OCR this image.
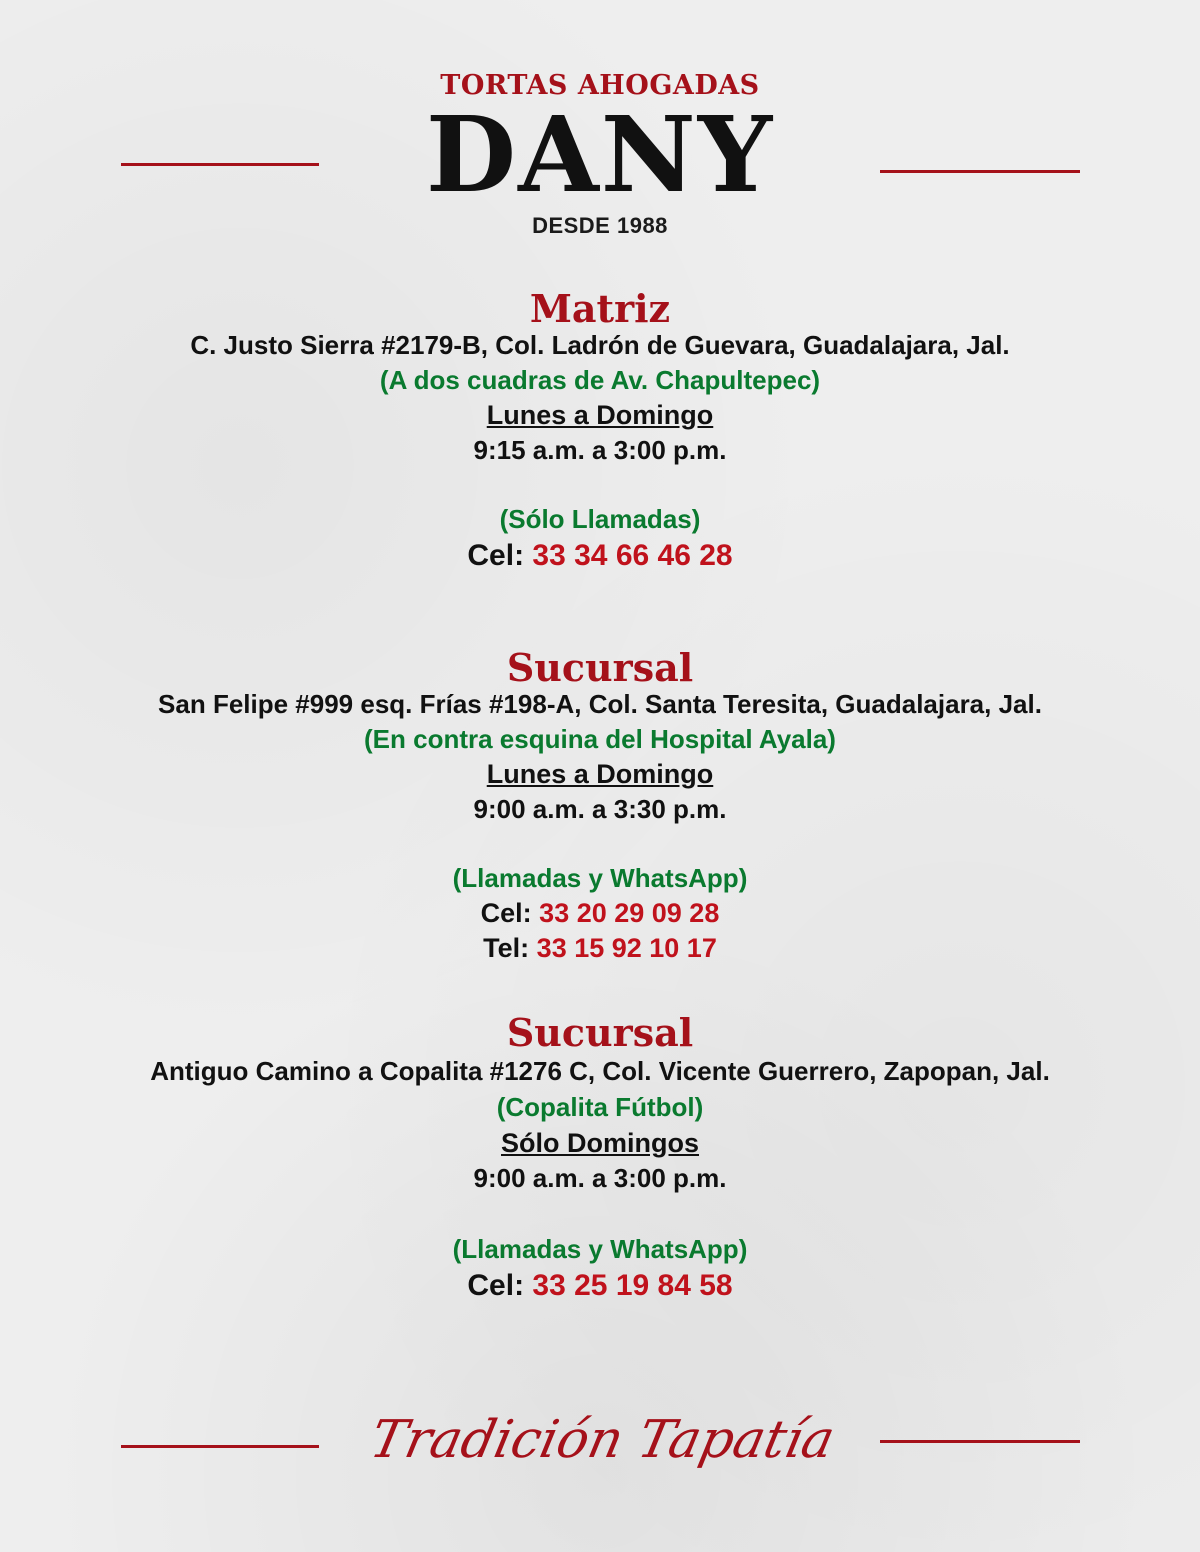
TORTAS AHOGADAS

DANY

DESDE 1988

Matriz

C. Justo Sierra #2179-B, Col. Ladrón de Guevara, Guadalajara, Jal.

(A dos cuadras de Av. Chapultepec)

Lunes a Domingo

9:15 a.m. a 3:00 p.m.

(Sólo Llamadas)

Cel: 33 34 66 46 28

Sucursal

San Felipe #999 esq. Frías #198-A, Col. Santa Teresita, Guadalajara, Jal.

(En contra esquina del Hospital Ayala)

Lunes a Domingo

9:00 a.m. a 3:30 p.m.

(Llamadas y WhatsApp)

Cel: 33 20 29 09 28

Tel: 33 15 92 10 17

Sucursal

Antiguo Camino a Copalita #1276 C, Col. Vicente Guerrero, Zapopan, Jal.

(Copalita Fútbol)

Sólo Domingos

9:00 a.m. a 3:00 p.m.

(Llamadas y WhatsApp)

Cel: 33 25 19 84 58

Tradición Tapatía
